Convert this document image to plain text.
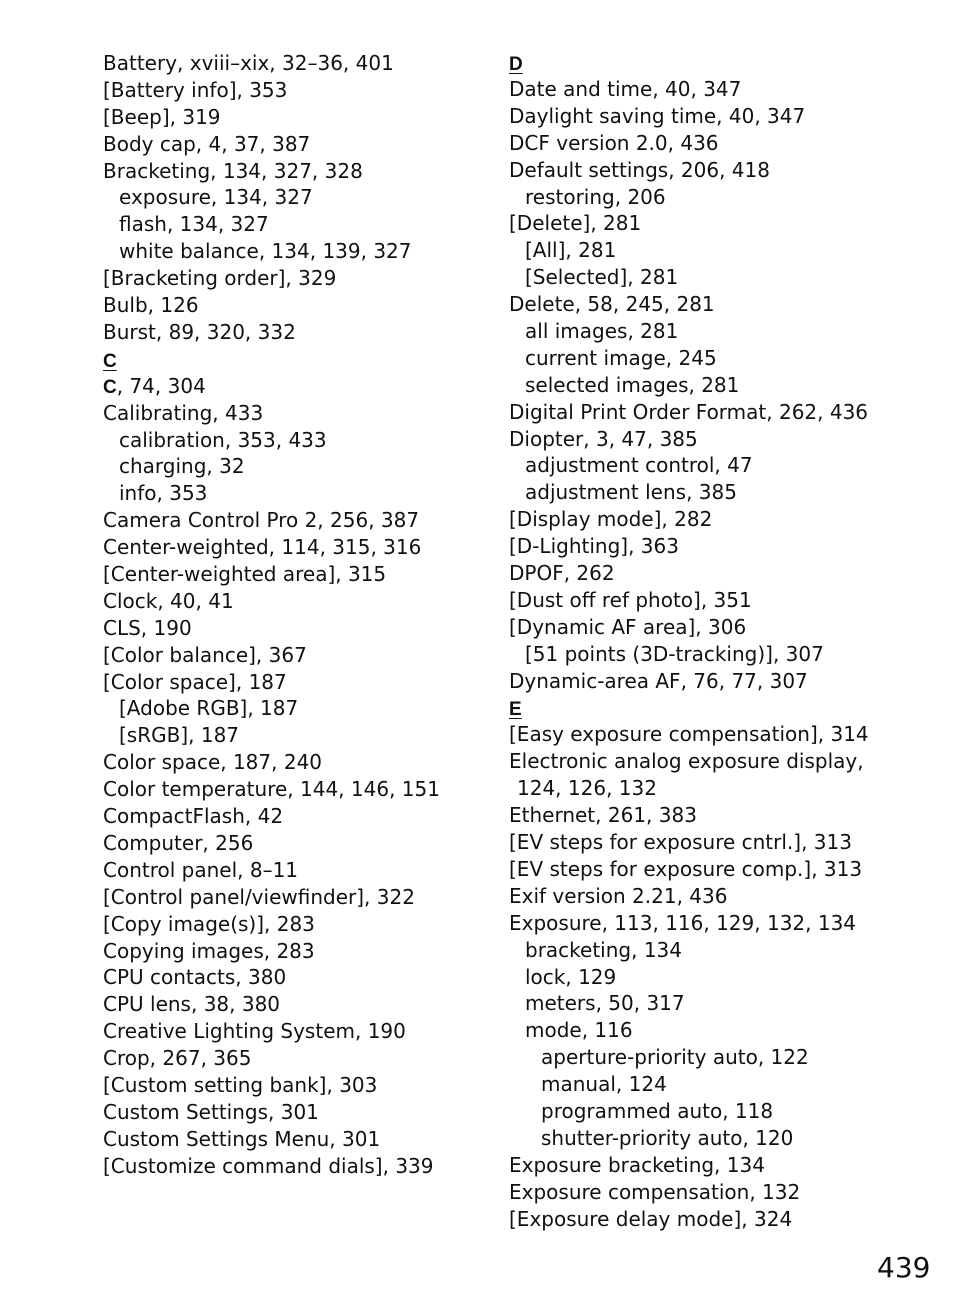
Battery, xviii–xix, 32–36, 401
[Battery info], 353
[Beep], 319
Body cap, 4, 37, 387
Bracketing, 134, 327, 328
exposure, 134, 327
flash, 134, 327
white balance, 134, 139, 327
[Bracketing order], 329
Bulb, 126
Burst, 89, 320, 332
C
C, 74, 304
Calibrating, 433
calibration, 353, 433
charging, 32
info, 353
Camera Control Pro 2, 256, 387
Center-weighted, 114, 315, 316
[Center-weighted area], 315
Clock, 40, 41
CLS, 190
[Color balance], 367
[Color space], 187
[Adobe RGB], 187
[sRGB], 187
Color space, 187, 240
Color temperature, 144, 146, 151
CompactFlash, 42
Computer, 256
Control panel, 8–11
[Control panel/viewfinder], 322
[Copy image(s)], 283
Copying images, 283
CPU contacts, 380
CPU lens, 38, 380
Creative Lighting System, 190
Crop, 267, 365
[Custom setting bank], 303
Custom Settings, 301
Custom Settings Menu, 301
[Customize command dials], 339
D
Date and time, 40, 347
Daylight saving time, 40, 347
DCF version 2.0, 436
Default settings, 206, 418
restoring, 206
[Delete], 281
[All], 281
[Selected], 281
Delete, 58, 245, 281
all images, 281
current image, 245
selected images, 281
Digital Print Order Format, 262, 436
Diopter, 3, 47, 385
adjustment control, 47
adjustment lens, 385
[Display mode], 282
[D-Lighting], 363
DPOF, 262
[Dust off ref photo], 351
[Dynamic AF area], 306
[51 points (3D-tracking)], 307
Dynamic-area AF, 76, 77, 307
E
[Easy exposure compensation], 314
Electronic analog exposure display,
124, 126, 132
Ethernet, 261, 383
[EV steps for exposure cntrl.], 313
[EV steps for exposure comp.], 313
Exif version 2.21, 436
Exposure, 113, 116, 129, 132, 134
bracketing, 134
lock, 129
meters, 50, 317
mode, 116
aperture-priority auto, 122
manual, 124
programmed auto, 118
shutter-priority auto, 120
Exposure bracketing, 134
Exposure compensation, 132
[Exposure delay mode], 324
439
